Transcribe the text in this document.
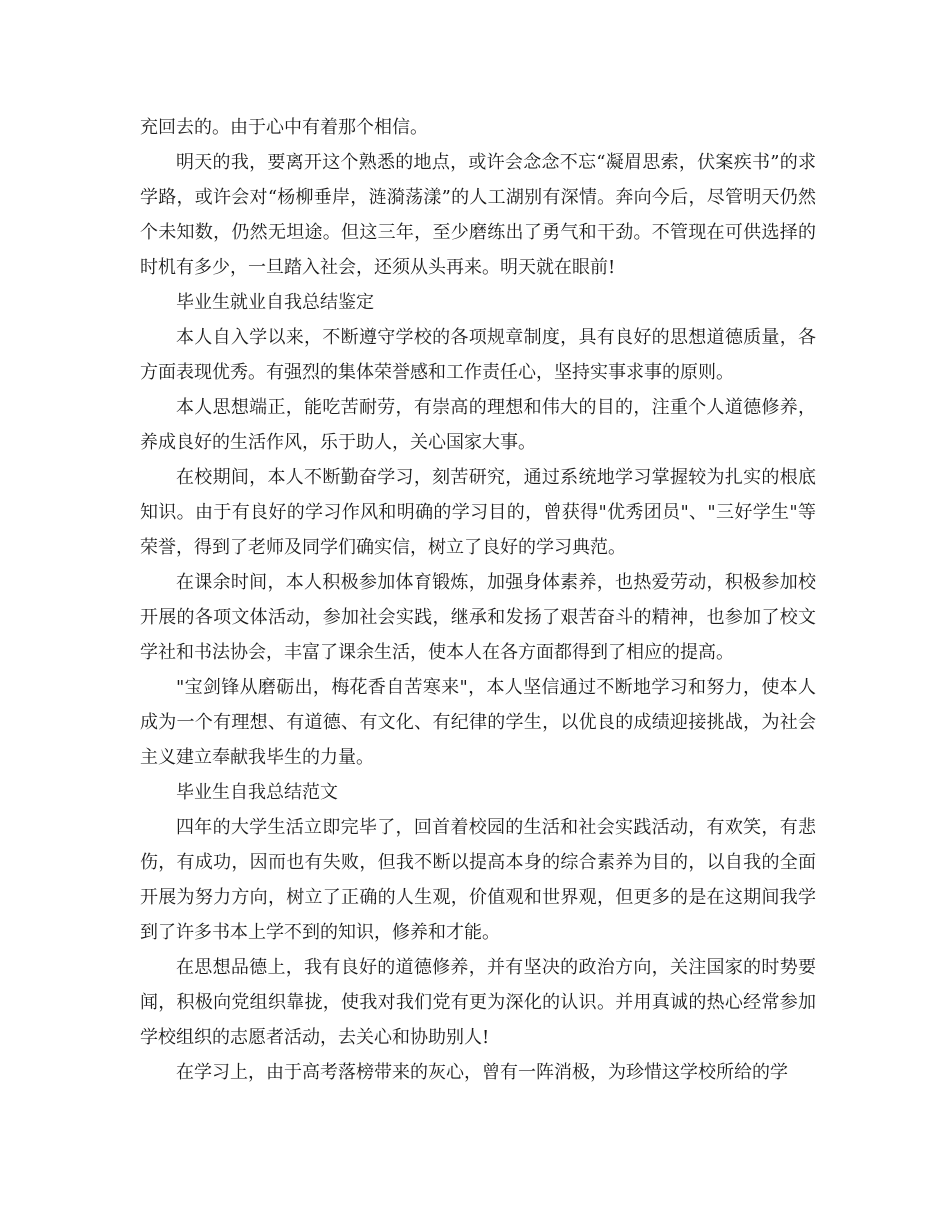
充回去的。由于心中有着那个相信。

明天的我，要离开这个熟悉的地点，或许会念念不忘“凝眉思索，伏案疾书”的求学路，或许会对“杨柳垂岸，涟漪荡漾”的人工湖别有深情。奔向今后，尽管明天仍然个未知数，仍然无坦途。但这三年，至少磨练出了勇气和干劲。不管现在可供选择的时机有多少，一旦踏入社会，还须从头再来。明天就在眼前!

毕业生就业自我总结鉴定

本人自入学以来，不断遵守学校的各项规章制度，具有良好的思想道德质量，各方面表现优秀。有强烈的集体荣誉感和工作责任心，坚持实事求事的原则。

本人思想端正，能吃苦耐劳，有崇高的理想和伟大的目的，注重个人道德修养，养成良好的生活作风，乐于助人，关心国家大事。

在校期间，本人不断勤奋学习，刻苦研究，通过系统地学习掌握较为扎实的根底知识。由于有良好的学习作风和明确的学习目的，曾获得"优秀团员"、"三好学生"等荣誉，得到了老师及同学们确实信，树立了良好的学习典范。

在课余时间，本人积极参加体育锻炼，加强身体素养，也热爱劳动，积极参加校开展的各项文体活动，参加社会实践，继承和发扬了艰苦奋斗的精神，也参加了校文学社和书法协会，丰富了课余生活，使本人在各方面都得到了相应的提高。

"宝剑锋从磨砺出，梅花香自苦寒来"，本人坚信通过不断地学习和努力，使本人成为一个有理想、有道德、有文化、有纪律的学生，以优良的成绩迎接挑战，为社会主义建立奉献我毕生的力量。

毕业生自我总结范文

四年的大学生活立即完毕了，回首着校园的生活和社会实践活动，有欢笑，有悲伤，有成功，因而也有失败，但我不断以提高本身的综合素养为目的，以自我的全面开展为努力方向，树立了正确的人生观，价值观和世界观，但更多的是在这期间我学到了许多书本上学不到的知识，修养和才能。

在思想品德上，我有良好的道德修养，并有坚决的政治方向，关注国家的时势要闻，积极向党组织靠拢，使我对我们党有更为深化的认识。并用真诚的热心经常参加学校组织的志愿者活动，去关心和协助别人!

在学习上，由于高考落榜带来的灰心，曾有一阵消极，为珍惜这学校所给的学
